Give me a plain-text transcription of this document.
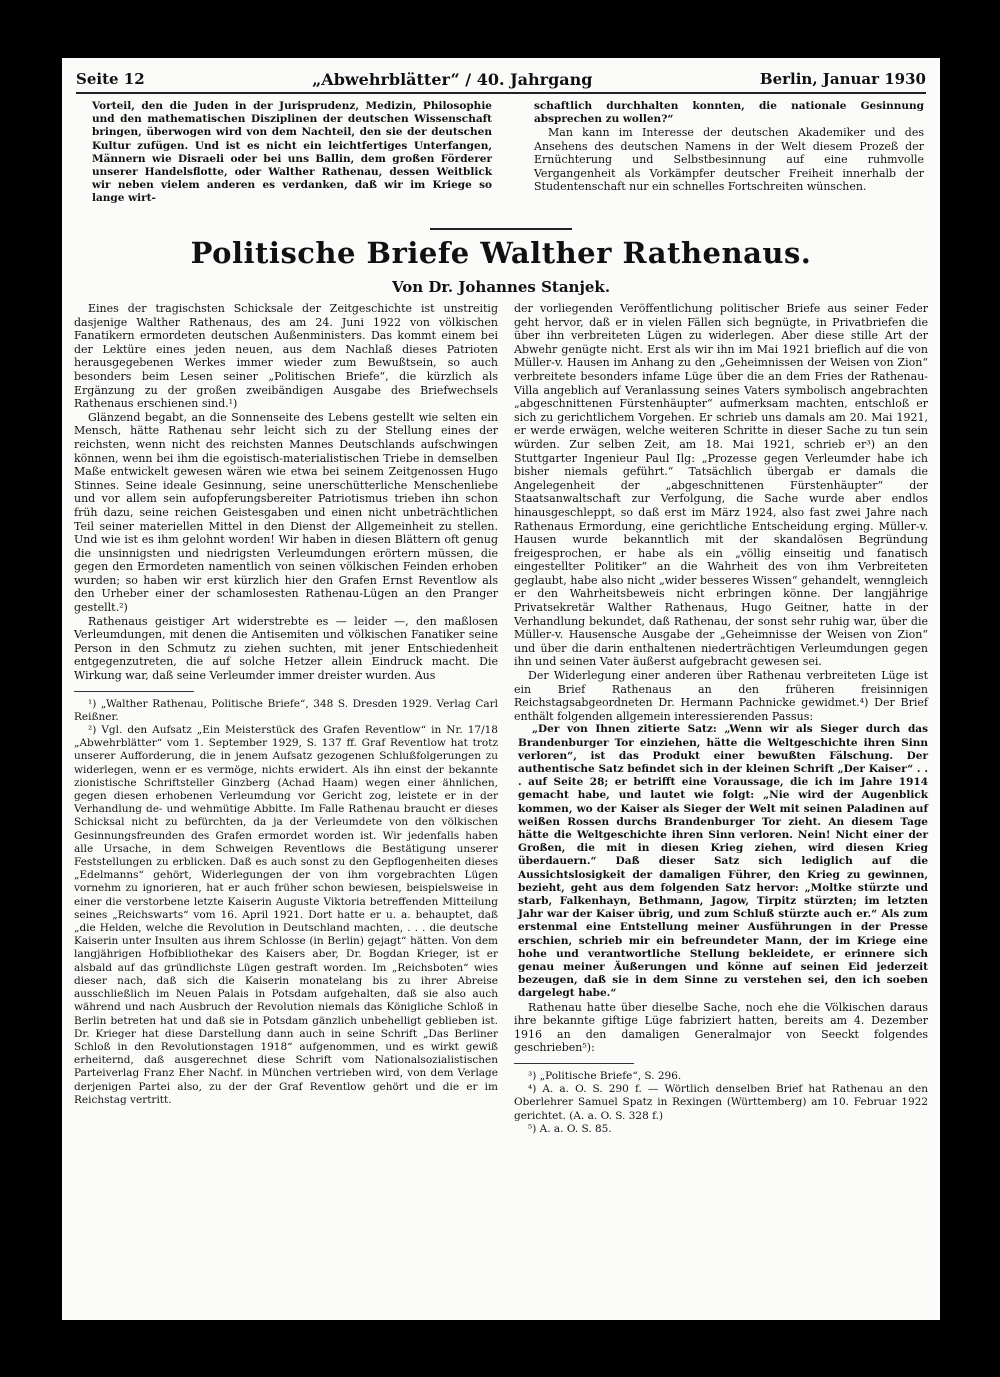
Seite 12	„Abwehrblätter“ / 40. Jahrgang	Berlin, Januar 1930

Vorteil, den die Juden in der Jurisprudenz, Medizin, Philosophie und den mathematischen Disziplinen der deutschen Wissenschaft bringen, überwogen wird von dem Nachteil, den sie der deutschen Kultur zufügen. Und ist es nicht ein leichtfertiges Unterfangen, Männern wie Disraeli oder bei uns Ballin, dem großen Förderer unserer Handelsflotte, oder Walther Rathenau, dessen Weitblick wir neben vielem anderen es verdanken, daß wir im Kriege so lange wirt-

schaftlich durchhalten konnten, die nationale Gesinnung absprechen zu wollen?“

Man kann im Interesse der deutschen Akademiker und des Ansehens des deutschen Namens in der Welt diesem Prozeß der Ernüchterung und Selbstbesinnung auf eine ruhmvolle Vergangenheit als Vorkämpfer deutscher Freiheit innerhalb der Studentenschaft nur ein schnelles Fortschreiten wünschen.

Politische Briefe Walther Rathenaus.
Von Dr. Johannes Stanjek.

Eines der tragischsten Schicksale der Zeitgeschichte ist unstreitig dasjenige Walther Rathenaus, des am 24. Juni 1922 von völkischen Fanatikern ermordeten deutschen Außenministers. Das kommt einem bei der Lektüre eines jeden neuen, aus dem Nachlaß dieses Patrioten herausgegebenen Werkes immer wieder zum Bewußtsein, so auch besonders beim Lesen seiner „Politischen Briefe“, die kürzlich als Ergänzung zu der großen zweibändigen Ausgabe des Briefwechsels Rathenaus erschienen sind.¹)

Glänzend begabt, an die Sonnenseite des Lebens gestellt wie selten ein Mensch, hätte Rathenau sehr leicht sich zu der Stellung eines der reichsten, wenn nicht des reichsten Mannes Deutschlands aufschwingen können, wenn bei ihm die egoistisch-materialistischen Triebe in demselben Maße entwickelt gewesen wären wie etwa bei seinem Zeitgenossen Hugo Stinnes. Seine ideale Gesinnung, seine unerschütterliche Menschenliebe und vor allem sein aufopferungsbereiter Patriotismus trieben ihn schon früh dazu, seine reichen Geistesgaben und einen nicht unbeträchtlichen Teil seiner materiellen Mittel in den Dienst der Allgemeinheit zu stellen. Und wie ist es ihm gelohnt worden! Wir haben in diesen Blättern oft genug die unsinnigsten und niedrigsten Verleumdungen erörtern müssen, die gegen den Ermordeten namentlich von seinen völkischen Feinden erhoben wurden; so haben wir erst kürzlich hier den Grafen Ernst Reventlow als den Urheber einer der schamlosesten Rathenau-Lügen an den Pranger gestellt.²)

Rathenaus geistiger Art widerstrebte es — leider —, den maßlosen Verleumdungen, mit denen die Antisemiten und völkischen Fanatiker seine Person in den Schmutz zu ziehen suchten, mit jener Entschiedenheit entgegenzutreten, die auf solche Hetzer allein Eindruck macht. Die Wirkung war, daß seine Verleumder immer dreister wurden. Aus

¹) „Walther Rathenau, Politische Briefe“, 348 S. Dresden 1929. Verlag Carl Reißner.

²) Vgl. den Aufsatz „Ein Meisterstück des Grafen Reventlow“ in Nr. 17/18 „Abwehrblätter“ vom 1. September 1929, S. 137 ff. Graf Reventlow hat trotz unserer Aufforderung, die in jenem Aufsatz gezogenen Schlußfolgerungen zu widerlegen, wenn er es vermöge, nichts erwidert. Als ihn einst der bekannte zionistische Schriftsteller Ginzberg (Achad Haam) wegen einer ähnlichen, gegen diesen erhobenen Verleumdung vor Gericht zog, leistete er in der Verhandlung de- und wehmütige Abbitte. Im Falle Rathenau braucht er dieses Schicksal nicht zu befürchten, da ja der Verleumdete von den völkischen Gesinnungsfreunden des Grafen ermordet worden ist. Wir jedenfalls haben alle Ursache, in dem Schweigen Reventlows die Bestätigung unserer Feststellungen zu erblicken. Daß es auch sonst zu den Gepflogenheiten dieses „Edelmanns“ gehört, Widerlegungen der von ihm vorgebrachten Lügen vornehm zu ignorieren, hat er auch früher schon bewiesen, beispielsweise in einer die verstorbene letzte Kaiserin Auguste Viktoria betreffenden Mitteilung seines „Reichswarts“ vom 16. April 1921. Dort hatte er u. a. behauptet, daß „die Helden, welche die Revolution in Deutschland machten, . . . die deutsche Kaiserin unter Insulten aus ihrem Schlosse (in Berlin) gejagt“ hätten. Von dem langjährigen Hofbibliothekar des Kaisers aber, Dr. Bogdan Krieger, ist er alsbald auf das gründlichste Lügen gestraft worden. Im „Reichsboten“ wies dieser nach, daß sich die Kaiserin monatelang bis zu ihrer Abreise ausschließlich im Neuen Palais in Potsdam aufgehalten, daß sie also auch während und nach Ausbruch der Revolution niemals das Königliche Schloß in Berlin betreten hat und daß sie in Potsdam gänzlich unbehelligt geblieben ist. Dr. Krieger hat diese Darstellung dann auch in seine Schrift „Das Berliner Schloß in den Revolutionstagen 1918“ aufgenommen, und es wirkt gewiß erheiternd, daß ausgerechnet diese Schrift vom Nationalsozialistischen Parteiverlag Franz Eher Nachf. in München vertrieben wird, von dem Verlage derjenigen Partei also, zu der der Graf Reventlow gehört und die er im Reichstag vertritt.

der vorliegenden Veröffentlichung politischer Briefe aus seiner Feder geht hervor, daß er in vielen Fällen sich begnügte, in Privatbriefen die über ihn verbreiteten Lügen zu widerlegen. Aber diese stille Art der Abwehr genügte nicht. Erst als wir ihn im Mai 1921 brieflich auf die von Müller-v. Hausen im Anhang zu den „Geheimnissen der Weisen von Zion“ verbreitete besonders infame Lüge über die an dem Fries der Rathenau-Villa angeblich auf Veranlassung seines Vaters symbolisch angebrachten „abgeschnittenen Fürstenhäupter“ aufmerksam machten, entschloß er sich zu gerichtlichem Vorgehen. Er schrieb uns damals am 20. Mai 1921, er werde erwägen, welche weiteren Schritte in dieser Sache zu tun sein würden. Zur selben Zeit, am 18. Mai 1921, schrieb er³) an den Stuttgarter Ingenieur Paul Ilg: „Prozesse gegen Verleumder habe ich bisher niemals geführt.“ Tatsächlich übergab er damals die Angelegenheit der „abgeschnittenen Fürstenhäupter“ der Staatsanwaltschaft zur Verfolgung, die Sache wurde aber endlos hinausgeschleppt, so daß erst im März 1924, also fast zwei Jahre nach Rathenaus Ermordung, eine gerichtliche Entscheidung erging. Müller-v. Hausen wurde bekanntlich mit der skandalösen Begründung freigesprochen, er habe als ein „völlig einseitig und fanatisch eingestellter Politiker“ an die Wahrheit des von ihm Verbreiteten geglaubt, habe also nicht „wider besseres Wissen“ gehandelt, wenngleich er den Wahrheitsbeweis nicht erbringen könne. Der langjährige Privatsekretär Walther Rathenaus, Hugo Geitner, hatte in der Verhandlung bekundet, daß Rathenau, der sonst sehr ruhig war, über die Müller-v. Hausensche Ausgabe der „Geheimnisse der Weisen von Zion“ und über die darin enthaltenen niederträchtigen Verleumdungen gegen ihn und seinen Vater äußerst aufgebracht gewesen sei.

Der Widerlegung einer anderen über Rathenau verbreiteten Lüge ist ein Brief Rathenaus an den früheren freisinnigen Reichstagsabgeordneten Dr. Hermann Pachnicke gewidmet.⁴) Der Brief enthält folgenden allgemein interessierenden Passus:

„Der von Ihnen zitierte Satz: „Wenn wir als Sieger durch das Brandenburger Tor einziehen, hätte die Weltgeschichte ihren Sinn verloren“, ist das Produkt einer bewußten Fälschung. Der authentische Satz befindet sich in der kleinen Schrift „Der Kaiser“ . . . auf Seite 28; er betrifft eine Voraussage, die ich im Jahre 1914 gemacht habe, und lautet wie folgt: „Nie wird der Augenblick kommen, wo der Kaiser als Sieger der Welt mit seinen Paladinen auf weißen Rossen durchs Brandenburger Tor zieht. An diesem Tage hätte die Weltgeschichte ihren Sinn verloren. Nein! Nicht einer der Großen, die mit in diesen Krieg ziehen, wird diesen Krieg überdauern.“ Daß dieser Satz sich lediglich auf die Aussichtslosigkeit der damaligen Führer, den Krieg zu gewinnen, bezieht, geht aus dem folgenden Satz hervor: „Moltke stürzte und starb, Falkenhayn, Bethmann, Jagow, Tirpitz stürzten; im letzten Jahr war der Kaiser übrig, und zum Schluß stürzte auch er.“ Als zum erstenmal eine Entstellung meiner Ausführungen in der Presse erschien, schrieb mir ein befreundeter Mann, der im Kriege eine hohe und verantwortliche Stellung bekleidete, er erinnere sich genau meiner Äußerungen und könne auf seinen Eid jederzeit bezeugen, daß sie in dem Sinne zu verstehen sei, den ich soeben dargelegt habe.“

Rathenau hatte über dieselbe Sache, noch ehe die Völkischen daraus ihre bekannte giftige Lüge fabriziert hatten, bereits am 4. Dezember 1916 an den damaligen Generalmajor von Seeckt folgendes geschrieben⁵):

³) „Politische Briefe“, S. 296.

⁴) A. a. O. S. 290 f. — Wörtlich denselben Brief hat Rathenau an den Oberlehrer Samuel Spatz in Rexingen (Württemberg) am 10. Februar 1922 gerichtet. (A. a. O. S. 328 f.)

⁵) A. a. O. S. 85.
